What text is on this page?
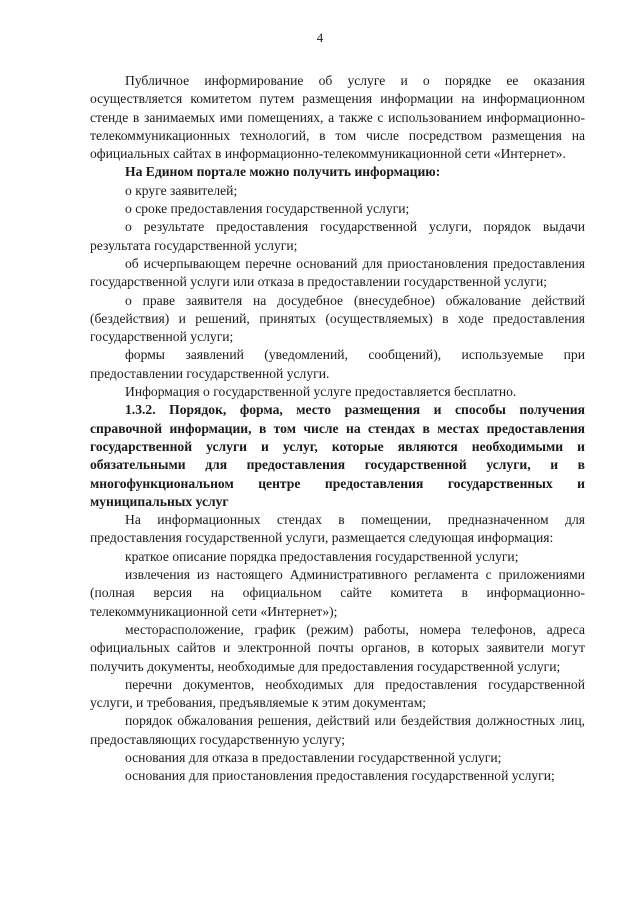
4

Публичное информирование об услуге и о порядке ее оказания осуществляется комитетом путем размещения информации на информационном стенде в занимаемых ими помещениях, а также с использованием информационно-телекоммуникационных технологий, в том числе посредством размещения на официальных сайтах в информационно-телекоммуникационной сети «Интернет».

На Едином портале можно получить информацию:

о круге заявителей;

о сроке предоставления государственной услуги;

о результате предоставления государственной услуги, порядок выдачи результата государственной услуги;

об исчерпывающем перечне оснований для приостановления предоставления государственной услуги или отказа в предоставлении государственной услуги;

о праве заявителя на досудебное (внесудебное) обжалование действий (бездействия) и решений, принятых (осуществляемых) в ходе предоставления государственной услуги;

формы заявлений (уведомлений, сообщений), используемые при предоставлении государственной услуги.

Информация о государственной услуге предоставляется бесплатно.

1.3.2. Порядок, форма, место размещения и способы получения справочной информации, в том числе на стендах в местах предоставления государственной услуги и услуг, которые являются необходимыми и обязательными для предоставления государственной услуги, и в многофункциональном центре предоставления государственных и муниципальных услуг

На информационных стендах в помещении, предназначенном для предоставления государственной услуги, размещается следующая информация:

краткое описание порядка предоставления государственной услуги;

извлечения из настоящего Административного регламента с приложениями (полная версия на официальном сайте комитета в информационно-телекоммуникационной сети «Интернет»);

месторасположение, график (режим) работы, номера телефонов, адреса официальных сайтов и электронной почты органов, в которых заявители могут получить документы, необходимые для предоставления государственной услуги;

перечни документов, необходимых для предоставления государственной услуги, и требования, предъявляемые к этим документам;

порядок обжалования решения, действий или бездействия должностных лиц, предоставляющих государственную услугу;

основания для отказа в предоставлении государственной услуги;

основания для приостановления предоставления государственной услуги;
